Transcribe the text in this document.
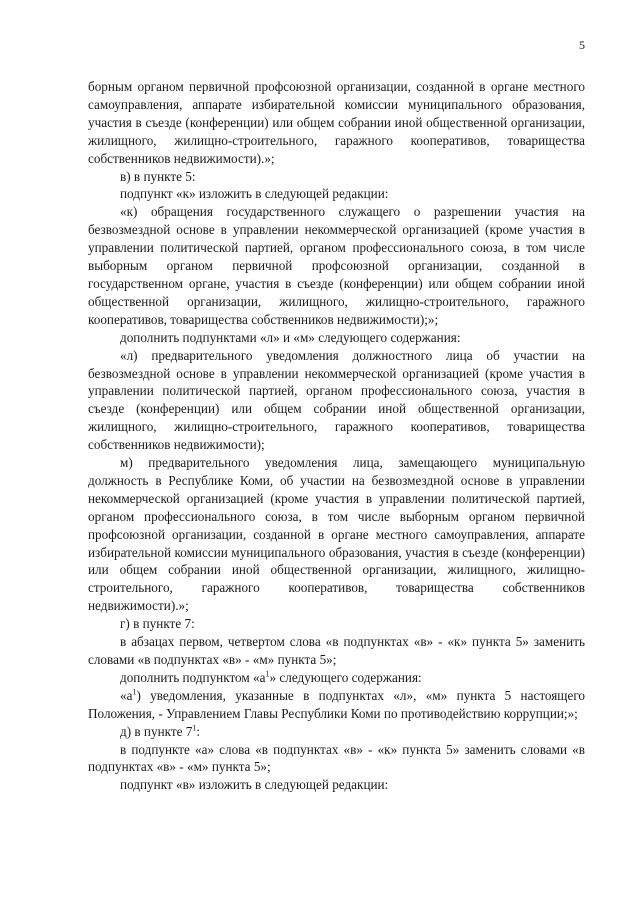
5

борным органом первичной профсоюзной организации, созданной в органе местного самоуправления, аппарате избирательной комиссии муниципального образования, участия в съезде (конференции) или общем собрании иной общественной организации, жилищного, жилищно-строительного, гаражного кооперативов, товарищества собственников недвижимости).»;

в) в пункте 5:

подпункт «к» изложить в следующей редакции:

«к) обращения государственного служащего о разрешении участия на безвозмездной основе в управлении некоммерческой организацией (кроме участия в управлении политической партией, органом профессионального союза, в том числе выборным органом первичной профсоюзной организации, созданной в государственном органе, участия в съезде (конференции) или общем собрании иной общественной организации, жилищного, жилищно-строительного, гаражного кооперативов, товарищества собственников недвижимости);»;

дополнить подпунктами «л» и «м» следующего содержания:

«л) предварительного уведомления должностного лица об участии на безвозмездной основе в управлении некоммерческой организацией (кроме участия в управлении политической партией, органом профессионального союза, участия в съезде (конференции) или общем собрании иной общественной организации, жилищного, жилищно-строительного, гаражного кооперативов, товарищества собственников недвижимости);

м) предварительного уведомления лица, замещающего муниципальную должность в Республике Коми, об участии на безвозмездной основе в управлении некоммерческой организацией (кроме участия в управлении политической партией, органом профессионального союза, в том числе выборным органом первичной профсоюзной организации, созданной в органе местного самоуправления, аппарате избирательной комиссии муниципального образования, участия в съезде (конференции) или общем собрании иной общественной организации, жилищного, жилищно-строительного, гаражного кооперативов, товарищества собственников недвижимости).»;

г) в пункте 7:

в абзацах первом, четвертом слова «в подпунктах «в» - «к» пункта 5» заменить словами «в подпунктах «в» - «м» пункта 5»;

дополнить подпунктом «$а^1$» следующего содержания:

«$а^1$) уведомления, указанные в подпунктах «л», «м» пункта 5 настоящего Положения, - Управлением Главы Республики Коми по противодействию коррупции;»;

д) в пункте $7^1$:

в подпункте «а» слова «в подпунктах «в» - «к» пункта 5» заменить словами «в подпунктах «в» - «м» пункта 5»;

подпункт «в» изложить в следующей редакции:
